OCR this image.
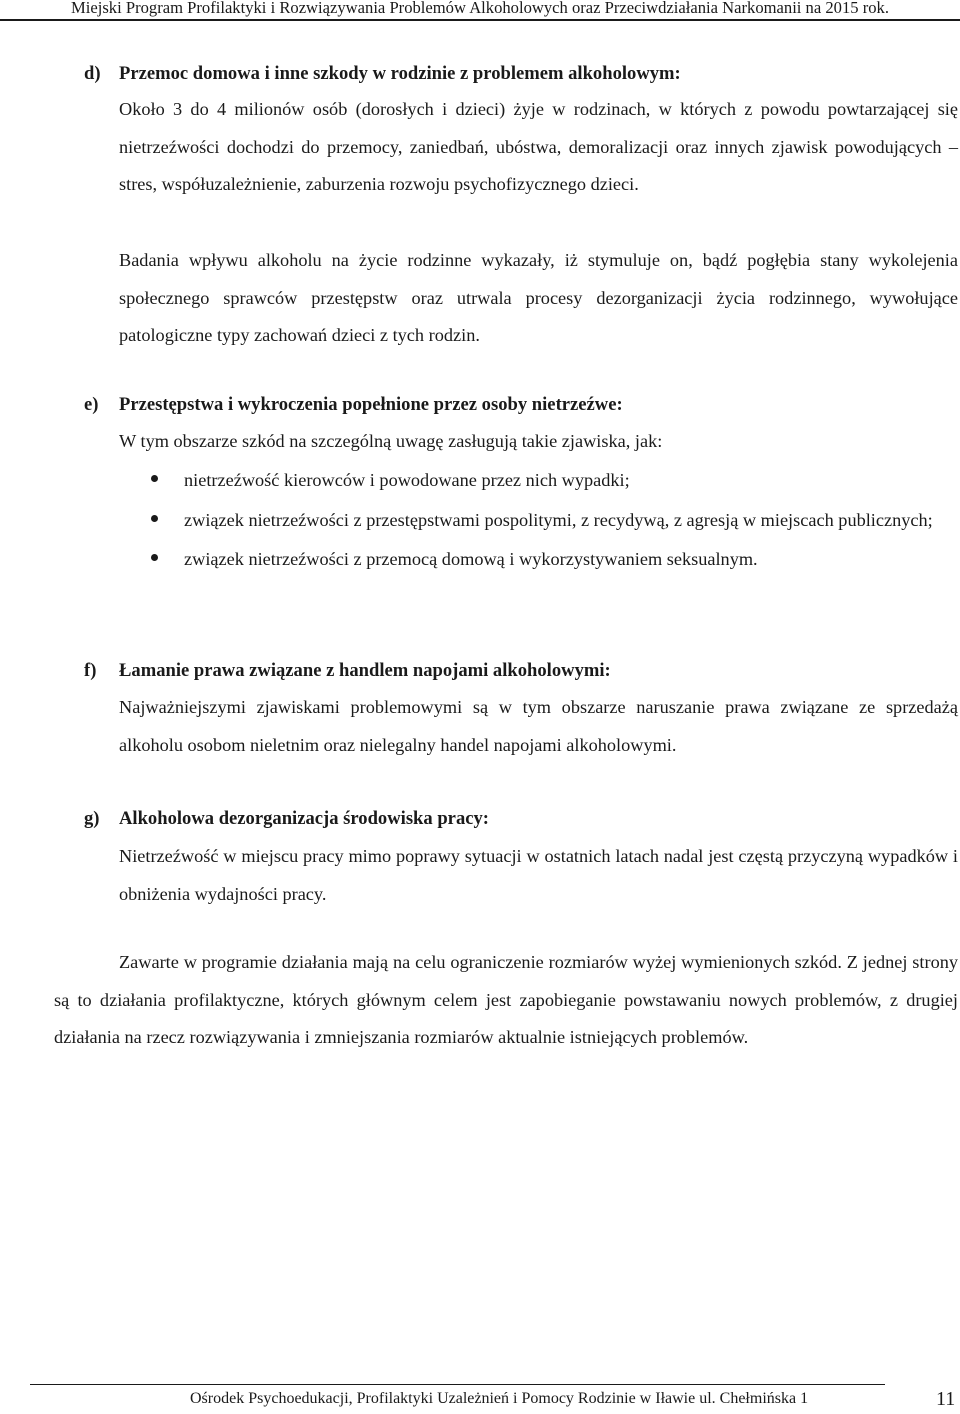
Miejski Program Profilaktyki i Rozwiązywania Problemów Alkoholowych oraz Przeciwdziałania Narkomanii na 2015 rok.
d) Przemoc domowa i inne szkody w rodzinie z problemem alkoholowym:
Około 3 do 4 milionów osób (dorosłych i dzieci) żyje w rodzinach, w których z powodu powtarzającej się nietrzeźwości dochodzi do przemocy, zaniedbań, ubóstwa, demoralizacji oraz innych zjawisk powodujących – stres, współuzależnienie, zaburzenia rozwoju psychofizycznego dzieci.
Badania wpływu alkoholu na życie rodzinne wykazały, iż stymuluje on, bądź pogłębia stany wykolejenia społecznego sprawców przestępstw oraz utrwala procesy dezorganizacji życia rodzinnego, wywołujące patologiczne typy zachowań dzieci z tych rodzin.
e) Przestępstwa i wykroczenia popełnione przez osoby nietrzeźwe:
W tym obszarze szkód na szczególną uwagę zasługują takie zjawiska, jak:
nietrzeźwość kierowców i powodowane przez nich wypadki;
związek nietrzeźwości z przestępstwami pospolitymi, z recydywą, z agresją w miejscach publicznych;
związek nietrzeźwości z przemocą domową i wykorzystywaniem seksualnym.
f) Łamanie prawa związane z handlem napojami alkoholowymi:
Najważniejszymi zjawiskami problemowymi są w tym obszarze naruszanie prawa związane ze sprzedażą alkoholu osobom nieletnim oraz nielegalny handel napojami alkoholowymi.
g) Alkoholowa dezorganizacja środowiska pracy:
Nietrzeźwość w miejscu pracy mimo poprawy sytuacji w ostatnich latach nadal jest częstą przyczyną wypadków i obniżenia wydajności pracy.
Zawarte w programie działania mają na celu ograniczenie rozmiarów wyżej wymienionych szkód. Z jednej strony są to działania profilaktyczne, których głównym celem jest zapobieganie powstawaniu nowych problemów, z drugiej działania na rzecz rozwiązywania i zmniejszania rozmiarów aktualnie istniejących problemów.
Ośrodek Psychoedukacji, Profilaktyki Uzależnień i Pomocy Rodzinie w Iławie ul. Chełmińska 1	11
